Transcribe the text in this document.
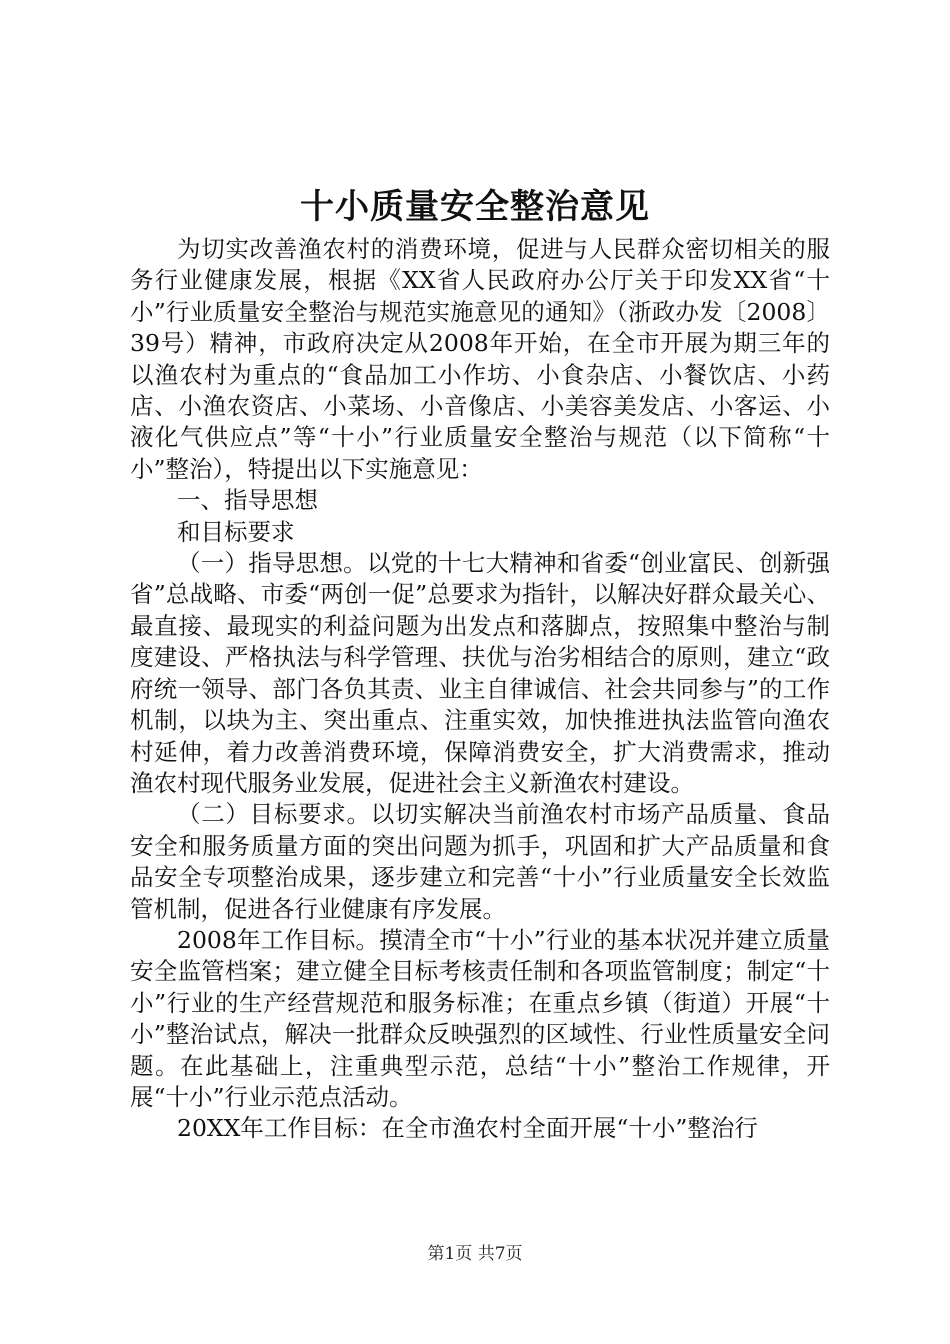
十小质量安全整治意见

为切实改善渔农村的消费环境，促进与人民群众密切相关的服务行业健康发展，根据《XX省人民政府办公厅关于印发XX省“十小”行业质量安全整治与规范实施意见的通知》（浙政办发〔2008〕39号）精神，市政府决定从2008年开始，在全市开展为期三年的以渔农村为重点的“食品加工小作坊、小食杂店、小餐饮店、小药店、小渔农资店、小菜场、小音像店、小美容美发店、小客运、小液化气供应点”等“十小”行业质量安全整治与规范（以下简称“十小”整治），特提出以下实施意见：

一、指导思想

和目标要求

（一）指导思想。以党的十七大精神和省委“创业富民、创新强省”总战略、市委“两创一促”总要求为指针，以解决好群众最关心、最直接、最现实的利益问题为出发点和落脚点，按照集中整治与制度建设、严格执法与科学管理、扶优与治劣相结合的原则，建立“政府统一领导、部门各负其责、业主自律诚信、社会共同参与”的工作机制，以块为主、突出重点、注重实效，加快推进执法监管向渔农村延伸，着力改善消费环境，保障消费安全，扩大消费需求，推动渔农村现代服务业发展，促进社会主义新渔农村建设。

（二）目标要求。以切实解决当前渔农村市场产品质量、食品安全和服务质量方面的突出问题为抓手，巩固和扩大产品质量和食品安全专项整治成果，逐步建立和完善“十小”行业质量安全长效监管机制，促进各行业健康有序发展。

2008年工作目标。摸清全市“十小”行业的基本状况并建立质量安全监管档案；建立健全目标考核责任制和各项监管制度；制定“十小”行业的生产经营规范和服务标准；在重点乡镇（街道）开展“十小”整治试点，解决一批群众反映强烈的区域性、行业性质量安全问题。在此基础上，注重典型示范，总结“十小”整治工作规律，开展“十小”行业示范点活动。

20XX年工作目标：在全市渔农村全面开展“十小”整治行

第1页 共7页
